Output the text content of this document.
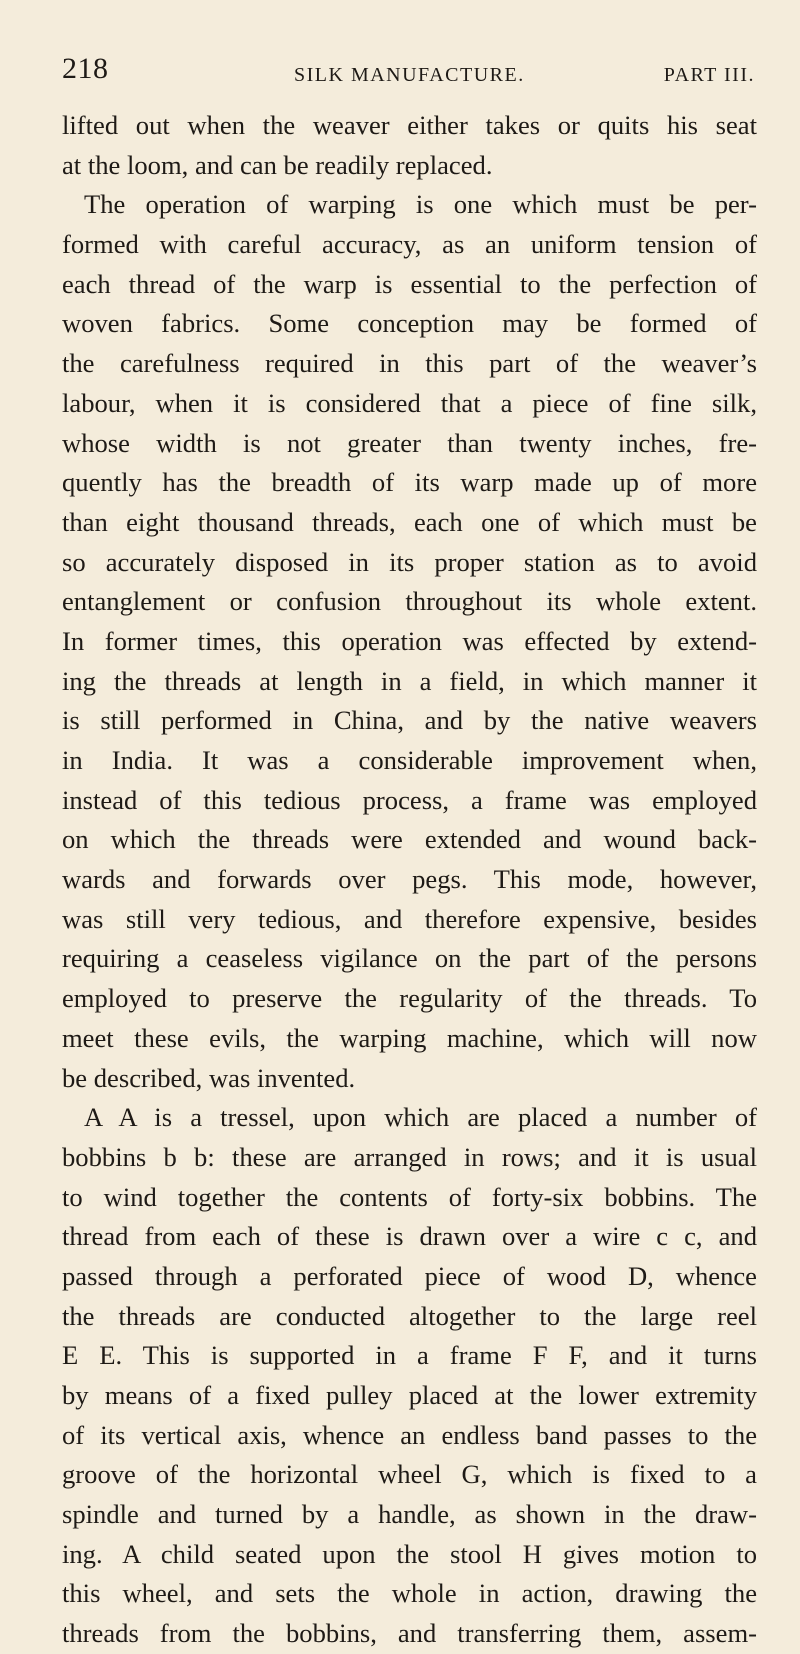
218	SILK MANUFACTURE.	PART III.
lifted out when the weaver either takes or quits his seat
at the loom, and can be readily replaced.
The operation of warping is one which must be per-
formed with careful accuracy, as an uniform tension of
each thread of the warp is essential to the perfection of
woven fabrics. Some conception may be formed of
the carefulness required in this part of the weaver’s
labour, when it is considered that a piece of fine silk,
whose width is not greater than twenty inches, fre-
quently has the breadth of its warp made up of more
than eight thousand threads, each one of which must be
so accurately disposed in its proper station as to avoid
entanglement or confusion throughout its whole extent.
In former times, this operation was effected by extend-
ing the threads at length in a field, in which manner it
is still performed in China, and by the native weavers
in India. It was a considerable improvement when,
instead of this tedious process, a frame was employed
on which the threads were extended and wound back-
wards and forwards over pegs. This mode, however,
was still very tedious, and therefore expensive, besides
requiring a ceaseless vigilance on the part of the persons
employed to preserve the regularity of the threads. To
meet these evils, the warping machine, which will now
be described, was invented.
A A is a tressel, upon which are placed a number of
bobbins b b: these are arranged in rows; and it is usual
to wind together the contents of forty-six bobbins. The
thread from each of these is drawn over a wire c c, and
passed through a perforated piece of wood D, whence
the threads are conducted altogether to the large reel
E E. This is supported in a frame F F, and it turns
by means of a fixed pulley placed at the lower extremity
of its vertical axis, whence an endless band passes to the
groove of the horizontal wheel G, which is fixed to a
spindle and turned by a handle, as shown in the draw-
ing. A child seated upon the stool H gives motion to
this wheel, and sets the whole in action, drawing the
threads from the bobbins, and transferring them, assem-
